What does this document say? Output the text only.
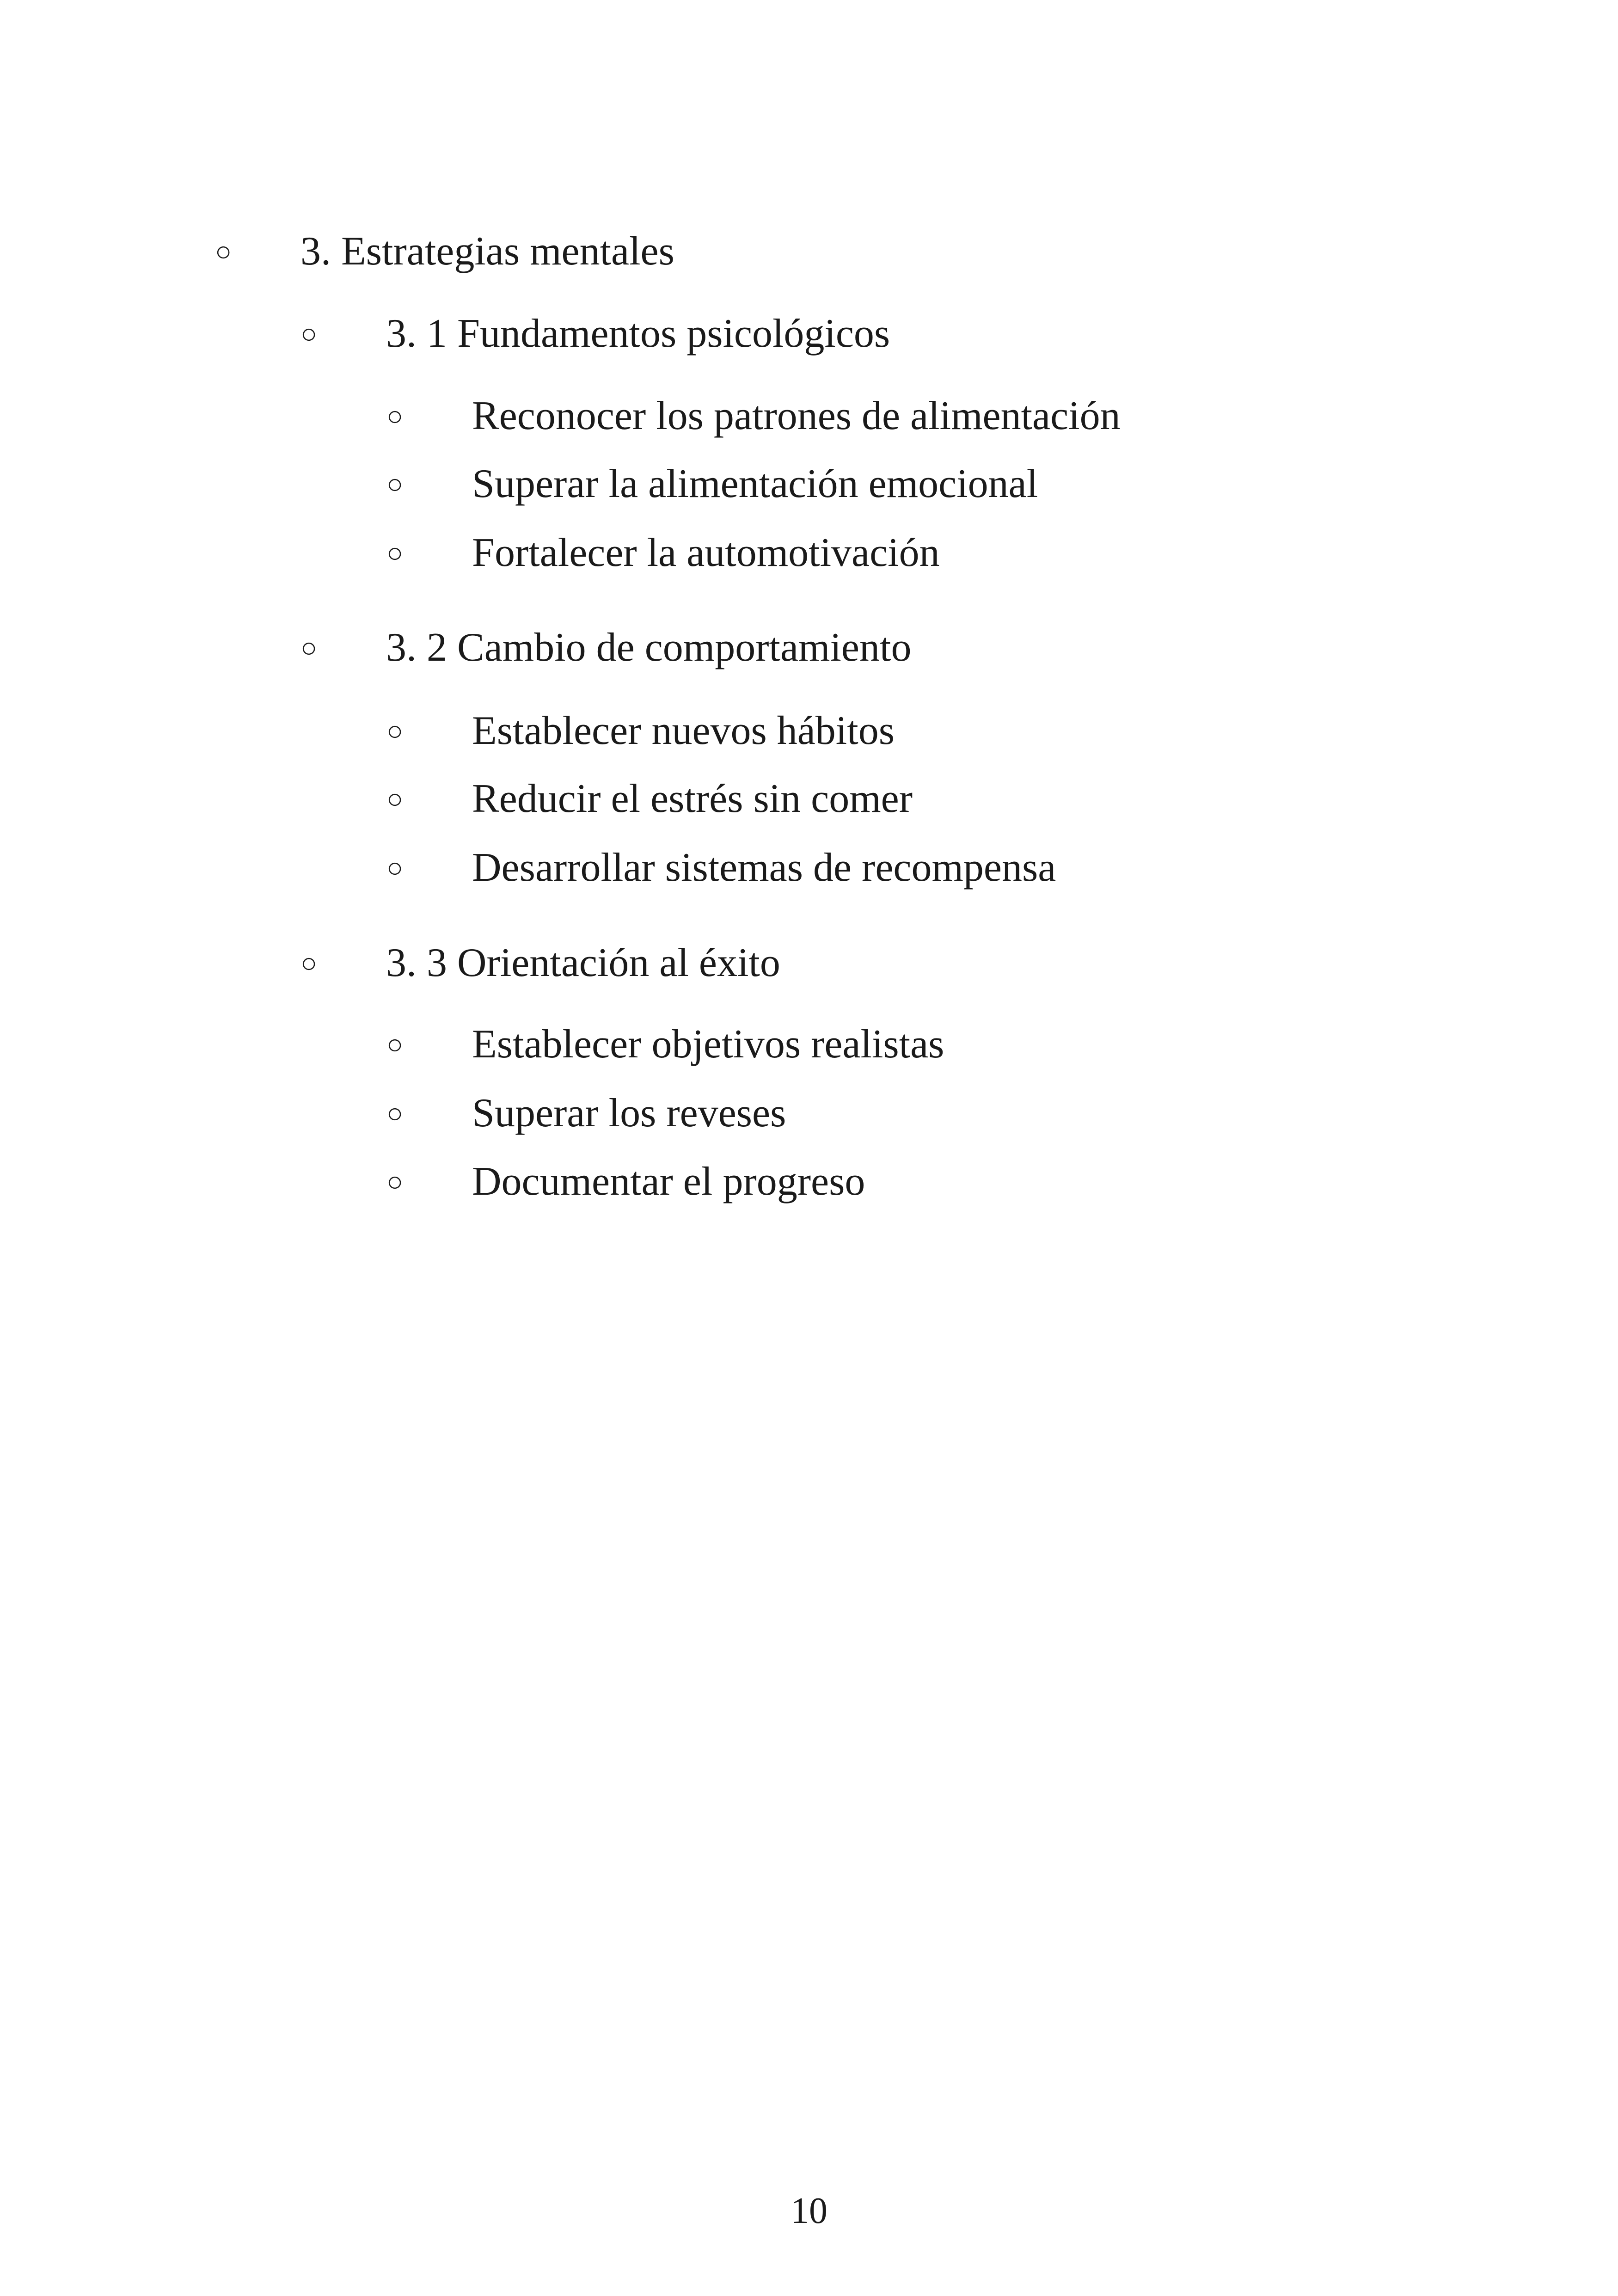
○	3. Estrategias mentales
○	3. 1 Fundamentos psicológicos
○	Reconocer los patrones de alimentación
○	Superar la alimentación emocional
○	Fortalecer la automotivación
○	3. 2 Cambio de comportamiento
○	Establecer nuevos hábitos
○	Reducir el estrés sin comer
○	Desarrollar sistemas de recompensa
○	3. 3 Orientación al éxito
○	Establecer objetivos realistas
○	Superar los reveses
○	Documentar el progreso
10
